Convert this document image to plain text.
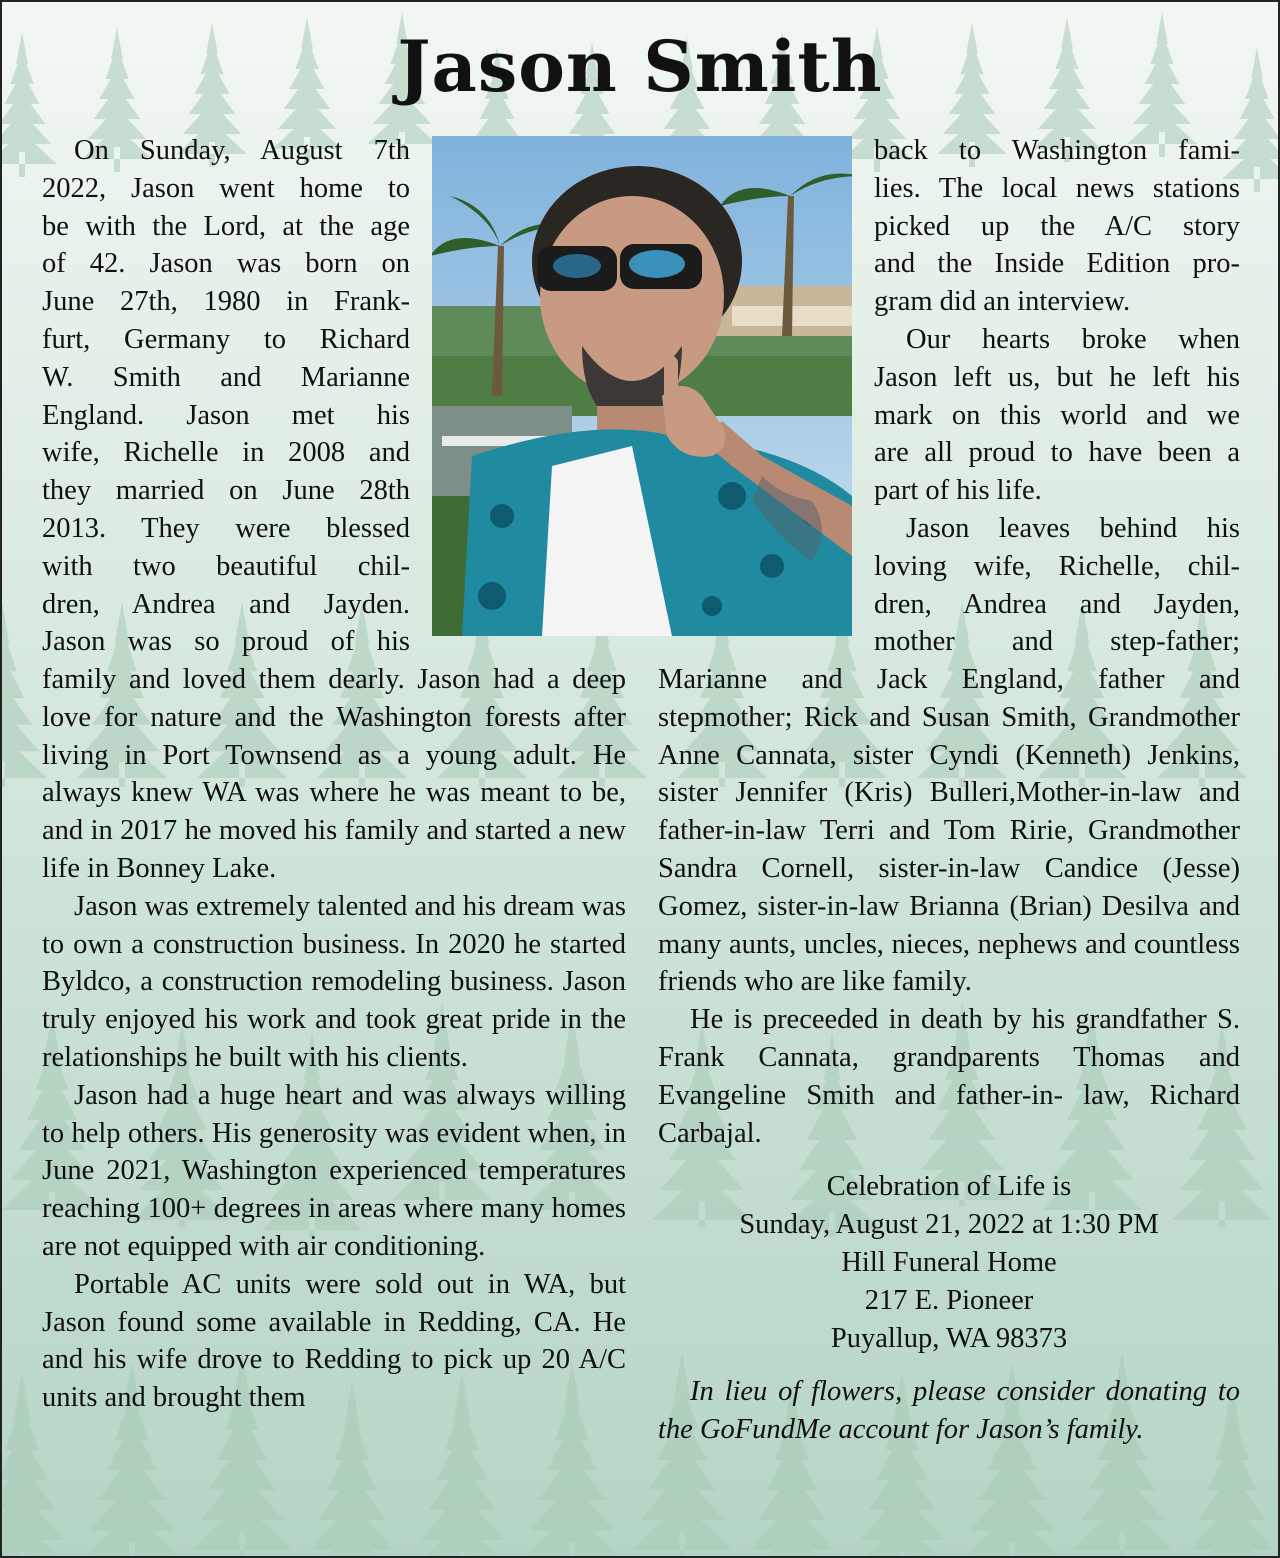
Jason Smith
On Sunday, August 7th
2022, Jason went home to
be with the Lord, at the age
of 42. Jason was born on
June 27th, 1980 in Frank-
furt, Germany to Richard
W. Smith and Marianne
England. Jason met his
wife, Richelle in 2008 and
they married on June 28th
2013. They were blessed
with two beautiful chil-
dren, Andrea and Jayden.
Jason was so proud of his
back to Washington fami-
lies. The local news stations
picked up the A/C story
and the Inside Edition pro-
gram did an interview.
Our hearts broke when
Jason left us, but he left his
mark on this world and we
are all proud to have been a
part of his life.
Jason leaves behind his
loving wife, Richelle, chil-
dren, Andrea and Jayden,
mother and step-father;

family and loved them dearly. Jason had a deep love for nature and the Washington forests after living in Port Townsend as a young adult. He always knew WA was where he was meant to be, and in 2017 he moved his family and started a new life in Bonney Lake.

Jason was extremely talented and his dream was to own a construction business. In 2020 he started Byldco, a construction remodeling business. Jason truly enjoyed his work and took great pride in the relationships he built with his clients.

Jason had a huge heart and was always willing to help others. His generosity was evident when, in June 2021, Washington experienced temperatures reaching 100+ degrees in areas where many homes are not equipped with air conditioning.

Portable AC units were sold out in WA, but Jason found some available in Redding, CA. He and his wife drove to Redding to pick up 20 A/C units and brought them

Marianne and Jack England, father and stepmother; Rick and Susan Smith, Grandmother Anne Cannata, sister Cyndi (Kenneth) Jenkins, sister Jennifer (Kris) Bulleri,Mother-in-law and father-in-law Terri and Tom Ririe, Grandmother Sandra Cornell, sister-in-law Candice (Jesse) Gomez, sister-in-law Brianna (Brian) Desilva and many aunts, uncles, nieces, nephews and countless friends who are like family.

He is preceeded in death by his grandfather S. Frank Cannata, grandparents Thomas and Evangeline Smith and father-in- law, Richard Carbajal.

Celebration of Life is
Sunday, August 21, 2022 at 1:30 PM
Hill Funeral Home
217 E. Pioneer
Puyallup, WA 98373

In lieu of flowers, please consider donating to the GoFundMe account for Jason’s family.
